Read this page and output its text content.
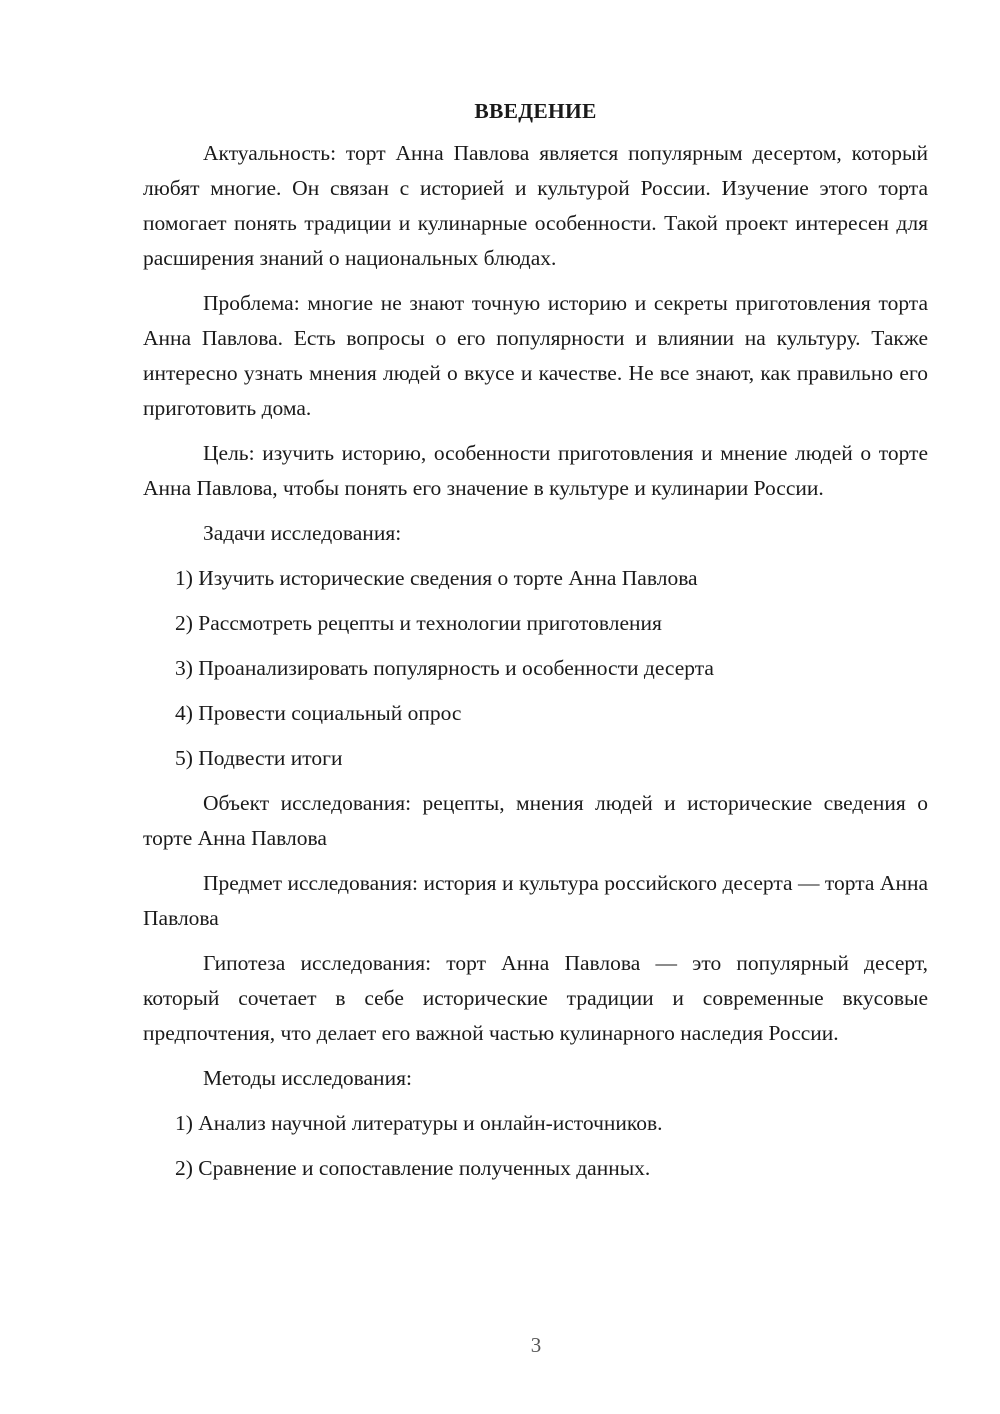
ВВЕДЕНИЕ

Актуальность: торт Анна Павлова является популярным десертом, который любят многие. Он связан с историей и культурой России. Изучение этого торта помогает понять традиции и кулинарные особенности. Такой проект интересен для расширения знаний о национальных блюдах.

Проблема: многие не знают точную историю и секреты приготовления торта Анна Павлова. Есть вопросы о его популярности и влиянии на культуру. Также интересно узнать мнения людей о вкусе и качестве. Не все знают, как правильно его приготовить дома.

Цель: изучить историю, особенности приготовления и мнение людей о торте Анна Павлова, чтобы понять его значение в культуре и кулинарии России.

Задачи исследования:

1) Изучить исторические сведения о торте Анна Павлова

2) Рассмотреть рецепты и технологии приготовления

3) Проанализировать популярность и особенности десерта

4) Провести социальный опрос

5) Подвести итоги

Объект исследования: рецепты, мнения людей и исторические сведения о торте Анна Павлова

Предмет исследования: история и культура российского десерта — торта Анна Павлова

Гипотеза исследования: торт Анна Павлова — это популярный десерт, который сочетает в себе исторические традиции и современные вкусовые предпочтения, что делает его важной частью кулинарного наследия России.

Методы исследования:

1) Анализ научной литературы и онлайн-источников.

2) Сравнение и сопоставление полученных данных.

3
